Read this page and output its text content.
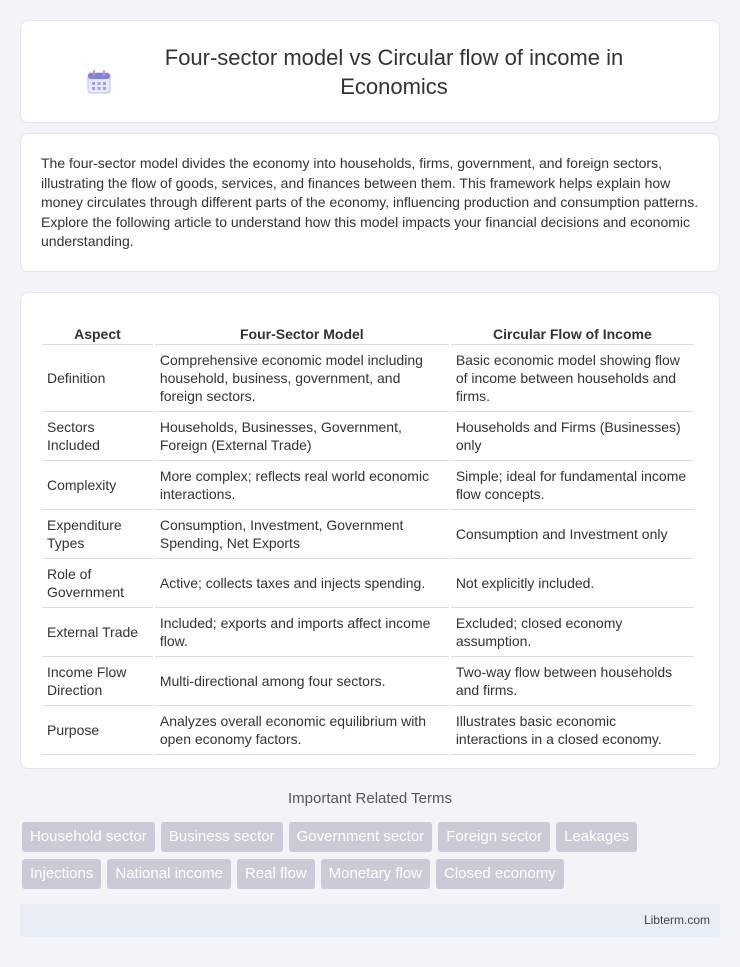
Four-sector model vs Circular flow of income in Economics

The four-sector model divides the economy into households, firms, government, and foreign sectors, illustrating the flow of goods, services, and finances between them. This framework helps explain how money circulates through different parts of the economy, influencing production and consumption patterns. Explore the following article to understand how this model impacts your financial decisions and economic understanding.

Aspect	Four-Sector Model	Circular Flow of Income
Definition	Comprehensive economic model including household, business, government, and foreign sectors.	Basic economic model showing flow of income between households and firms.
Sectors Included	Households, Businesses, Government, Foreign (External Trade)	Households and Firms (Businesses) only
Complexity	More complex; reflects real world economic interactions.	Simple; ideal for fundamental income flow concepts.
Expenditure Types	Consumption, Investment, Government Spending, Net Exports	Consumption and Investment only
Role of Government	Active; collects taxes and injects spending.	Not explicitly included.
External Trade	Included; exports and imports affect income flow.	Excluded; closed economy assumption.
Income Flow Direction	Multi-directional among four sectors.	Two-way flow between households and firms.
Purpose	Analyzes overall economic equilibrium with open economy factors.	Illustrates basic economic interactions in a closed economy.
Important Related Terms
Household sector	Business sector	Government sector	Foreign sector	Leakages
Injections	National income	Real flow	Monetary flow	Closed economy
Libterm.com
